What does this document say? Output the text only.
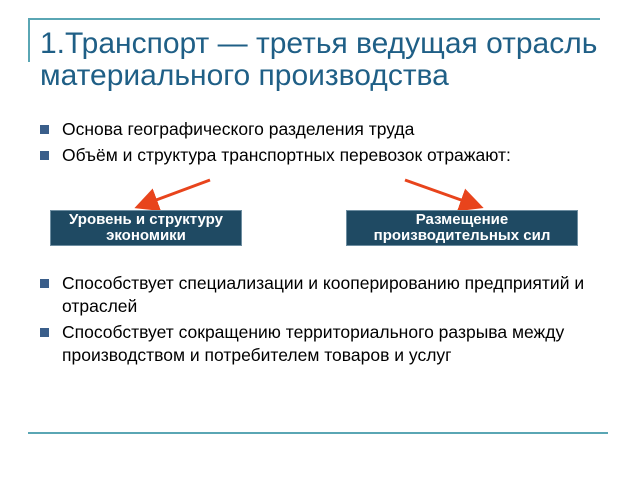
1.Транспорт — третья ведущая отрасль материального производства
Основа географического разделения труда
Объём и структура транспортных перевозок отражают:
Уровень и структуру экономики
Размещение производительных сил
Способствует специализации и кооперированию предприятий и отраслей
Способствует сокращению территориального разрыва между производством и потребителем товаров и услуг
